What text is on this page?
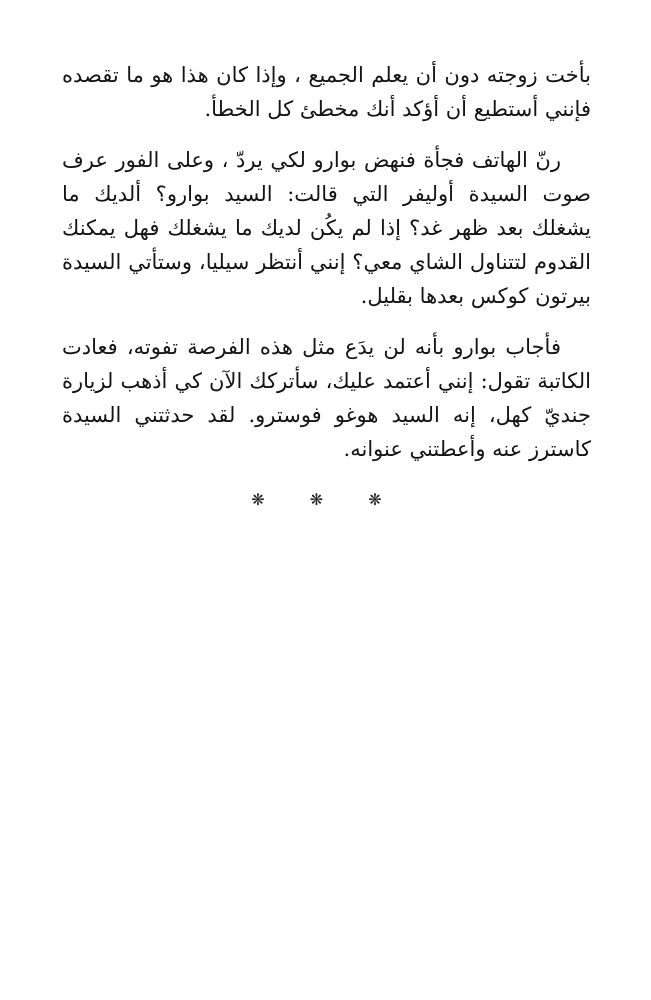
بأخت زوجته دون أن يعلم الجميع ، وإذا كان هذا هو ما تقصده فإنني أستطيع أن أؤكد أنك مخطئ كل الخطأ.

رنّ الهاتف فجأة فنهض بوارو لكي يردّ ، وعلى الفور عرف صوت السيدة أوليفر التي قالت: السيد بوارو؟ ألديك ما يشغلك بعد ظهر غد؟ إذا لم يكُن لديك ما يشغلك فهل يمكنك القدوم لتتناول الشاي معي؟ إنني أنتظر سيليا، وستأتي السيدة بيرتون كوكس بعدها بقليل.

فأجاب بوارو بأنه لن يدَع مثل هذه الفرصة تفوته، فعادت الكاتبة تقول: إنني أعتمد عليك، سأتركك الآن كي أذهب لزيارة جنديّ كهل، إنه السيد هوغو فوسترو. لقد حدثتني السيدة كاسترز عنه وأعطتني عنوانه.

❋ ❋ ❋
